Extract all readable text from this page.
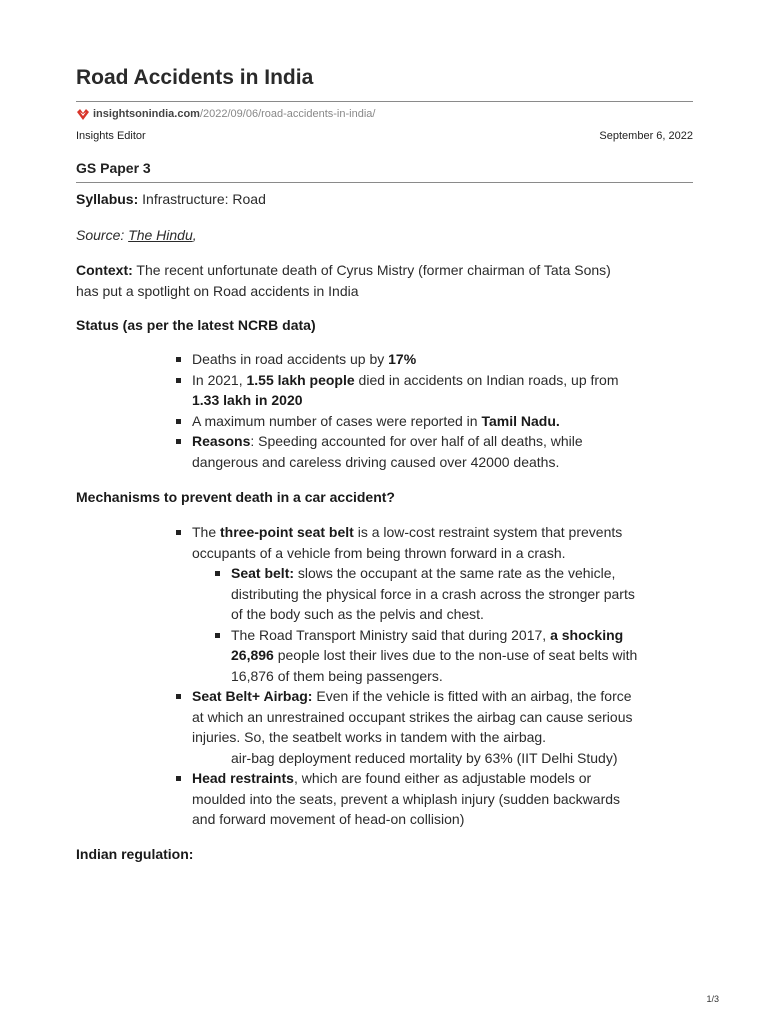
Road Accidents in India
insightsonindia.com /2022/09/06/road-accidents-in-india/
Insights Editor	September 6, 2022
GS Paper 3
Syllabus: Infrastructure: Road
Source: The Hindu,
Context: The recent unfortunate death of Cyrus Mistry (former chairman of Tata Sons)
has put a spotlight on Road accidents in India
Status (as per the latest NCRB data)
Deaths in road accidents up by 17%
In 2021, 1.55 lakh people died in accidents on Indian roads, up from
1.33 lakh in 2020
A maximum number of cases were reported in Tamil Nadu.
Reasons: Speeding accounted for over half of all deaths, while
dangerous and careless driving caused over 42000 deaths.
Mechanisms to prevent death in a car accident?
The three-point seat belt is a low-cost restraint system that prevents
occupants of a vehicle from being thrown forward in a crash.
Seat belt: slows the occupant at the same rate as the vehicle,
distributing the physical force in a crash across the stronger parts
of the body such as the pelvis and chest.
The Road Transport Ministry said that during 2017, a shocking
26,896 people lost their lives due to the non-use of seat belts with
16,876 of them being passengers.
Seat Belt+ Airbag: Even if the vehicle is fitted with an airbag, the force
at which an unrestrained occupant strikes the airbag can cause serious
injuries. So, the seatbelt works in tandem with the airbag.
air-bag deployment reduced mortality by 63% (IIT Delhi Study)
Head restraints, which are found either as adjustable models or
moulded into the seats, prevent a whiplash injury (sudden backwards
and forward movement of head-on collision)
Indian regulation:
1/3
